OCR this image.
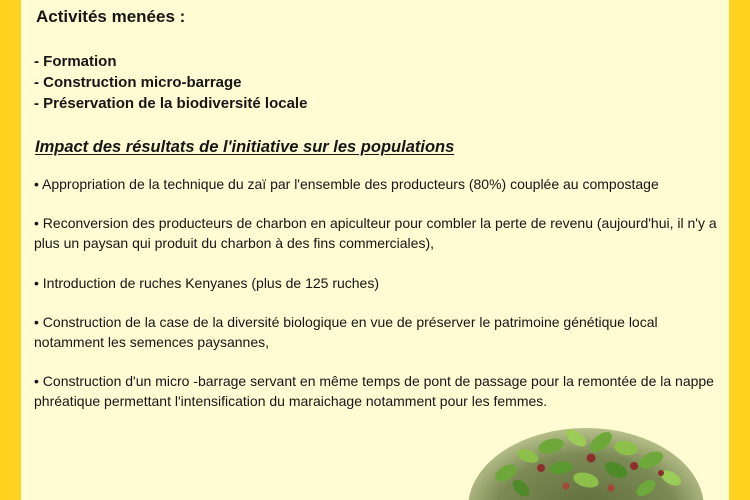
Activités menées :
- Formation
- Construction micro-barrage
- Préservation de la biodiversité locale
Impact des résultats de l'initiative sur les populations

• Appropriation de la technique du zaï par l'ensemble des producteurs (80%) couplée au compostage

• Reconversion des producteurs de charbon en apiculteur pour combler la perte de revenu (aujourd'hui, il n'y a plus un paysan qui produit du charbon à des fins commerciales),

• Introduction de ruches Kenyanes (plus de 125 ruches)

• Construction de la case de la diversité biologique en vue de préserver le patrimoine génétique local notamment les semences paysannes,

• Construction d'un micro -barrage servant en même temps de pont de passage pour la remontée de la nappe phréatique permettant l'intensification du maraichage notamment pour les femmes.
